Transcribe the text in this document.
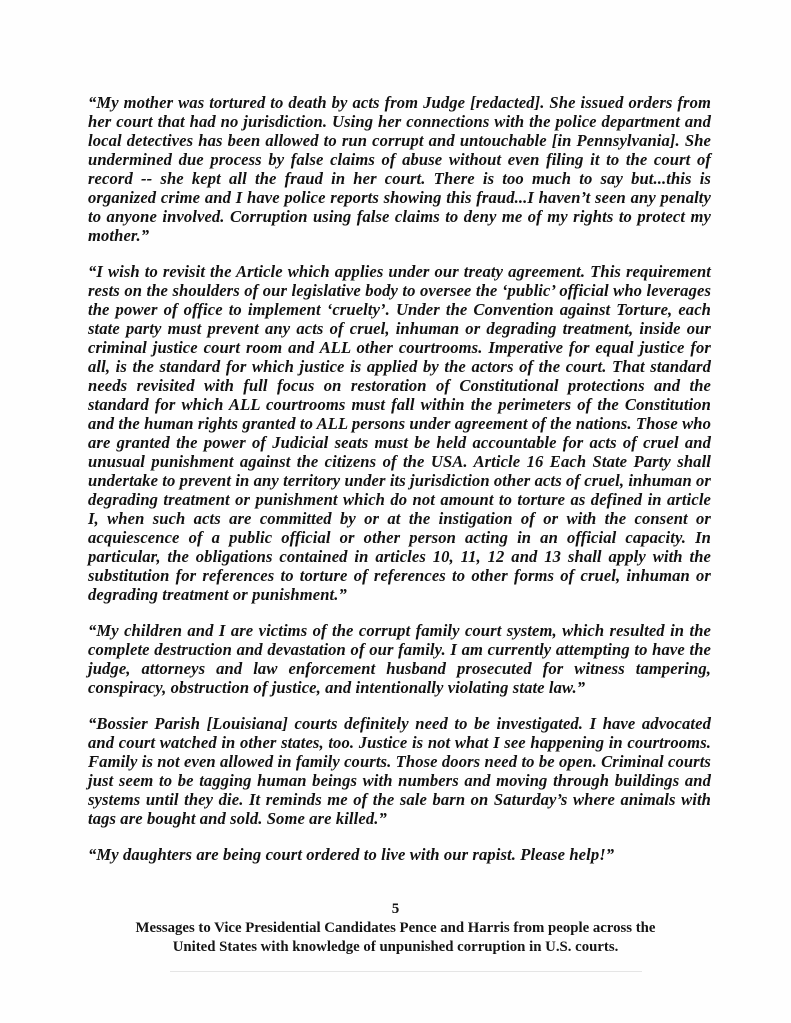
“My mother was tortured to death by acts from Judge [redacted]. She issued orders from her court that had no jurisdiction. Using her connections with the police department and local detectives has been allowed to run corrupt and untouchable [in Pennsylvania]. She undermined due process by false claims of abuse without even filing it to the court of record -- she kept all the fraud in her court. There is too much to say but...this is organized crime and I have police reports showing this fraud...I haven’t seen any penalty to anyone involved. Corruption using false claims to deny me of my rights to protect my mother.”

“I wish to revisit the Article which applies under our treaty agreement. This requirement rests on the shoulders of our legislative body to oversee the ‘public’ official who leverages the power of office to implement ‘cruelty’. Under the Convention against Torture, each state party must prevent any acts of cruel, inhuman or degrading treatment, inside our criminal justice court room and ALL other courtrooms. Imperative for equal justice for all, is the standard for which justice is applied by the actors of the court. That standard needs revisited with full focus on restoration of Constitutional protections and the standard for which ALL courtrooms must fall within the perimeters of the Constitution and the human rights granted to ALL persons under agreement of the nations. Those who are granted the power of Judicial seats must be held accountable for acts of cruel and unusual punishment against the citizens of the USA. Article 16 Each State Party shall undertake to prevent in any territory under its jurisdiction other acts of cruel, inhuman or degrading treatment or punishment which do not amount to torture as defined in article I, when such acts are committed by or at the instigation of or with the consent or acquiescence of a public official or other person acting in an official capacity. In particular, the obligations contained in articles 10, 11, 12 and 13 shall apply with the substitution for references to torture of references to other forms of cruel, inhuman or degrading treatment or punishment.”

“My children and I are victims of the corrupt family court system, which resulted in the complete destruction and devastation of our family. I am currently attempting to have the judge, attorneys and law enforcement husband prosecuted for witness tampering, conspiracy, obstruction of justice, and intentionally violating state law.”

“Bossier Parish [Louisiana] courts definitely need to be investigated. I have advocated and court watched in other states, too. Justice is not what I see happening in courtrooms. Family is not even allowed in family courts. Those doors need to be open. Criminal courts just seem to be tagging human beings with numbers and moving through buildings and systems until they die. It reminds me of the sale barn on Saturday’s where animals with tags are bought and sold. Some are killed.”

“My daughters are being court ordered to live with our rapist. Please help!”

5

Messages to Vice Presidential Candidates Pence and Harris from people across the

United States with knowledge of unpunished corruption in U.S. courts.
